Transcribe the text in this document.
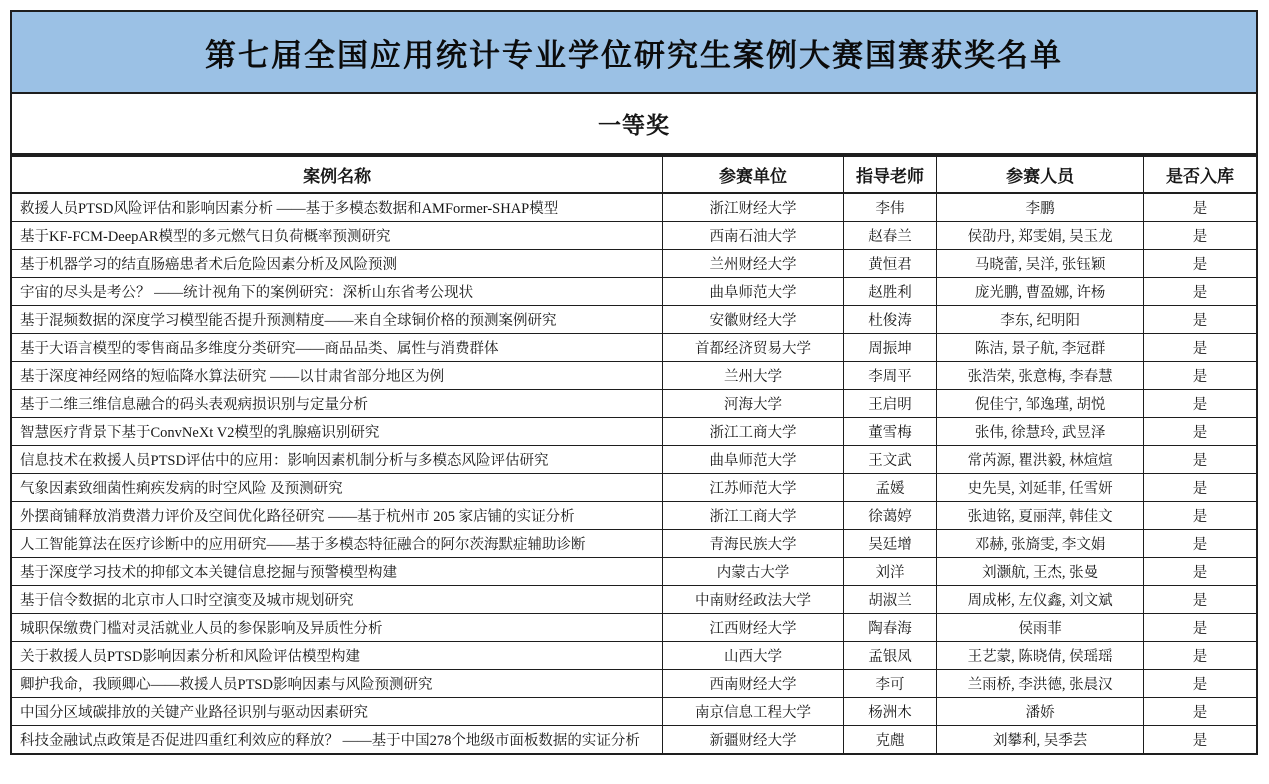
第七届全国应用统计专业学位研究生案例大赛国赛获奖名单
一等奖
案例名称	参赛单位	指导老师	参赛人员	是否入库
救援人员PTSD风险评估和影响因素分析 ——基于多模态数据和AMFormer-SHAP模型	浙江财经大学	李伟	李鹏	是
基于KF-FCM-DeepAR模型的多元燃气日负荷概率预测研究	西南石油大学	赵春兰	侯劭丹, 郑雯娟, 吴玉龙	是
基于机器学习的结直肠癌患者术后危险因素分析及风险预测	兰州财经大学	黄恒君	马晓蕾, 吴洋, 张钰颖	是
宇宙的尽头是考公？ ——统计视角下的案例研究：深析山东省考公现状	曲阜师范大学	赵胜利	庞光鹏, 曹盈娜, 许杨	是
基于混频数据的深度学习模型能否提升预测精度——来自全球铜价格的预测案例研究	安徽财经大学	杜俊涛	李东, 纪明阳	是
基于大语言模型的零售商品多维度分类研究——商品品类、属性与消费群体	首都经济贸易大学	周振坤	陈洁, 景子航, 李冠群	是
基于深度神经网络的短临降水算法研究 ——以甘肃省部分地区为例	兰州大学	李周平	张浩荣, 张意梅, 李春慧	是
基于二维三维信息融合的码头表观病损识别与定量分析	河海大学	王启明	倪佳宁, 邹逸瑾, 胡悦	是
智慧医疗背景下基于ConvNeXt V2模型的乳腺癌识别研究	浙江工商大学	董雪梅	张伟, 徐慧玲, 武昱泽	是
信息技术在救援人员PTSD评估中的应用：影响因素机制分析与多模态风险评估研究	曲阜师范大学	王文武	常芮源, 瞿洪毅, 林煊煊	是
气象因素致细菌性痢疾发病的时空风险 及预测研究	江苏师范大学	孟媛	史先昊, 刘延菲, 任雪妍	是
外摆商铺释放消费潜力评价及空间优化路径研究 ——基于杭州市 205 家店铺的实证分析	浙江工商大学	徐蔼婷	张迪铭, 夏丽萍, 韩佳文	是
人工智能算法在医疗诊断中的应用研究——基于多模态特征融合的阿尔茨海默症辅助诊断	青海民族大学	吴廷增	邓赫, 张旖雯, 李文娟	是
基于深度学习技术的抑郁文本关键信息挖掘与预警模型构建	内蒙古大学	刘洋	刘灏航, 王杰, 张曼	是
基于信令数据的北京市人口时空演变及城市规划研究	中南财经政法大学	胡淑兰	周成彬, 左仪鑫, 刘文斌	是
城职保缴费门槛对灵活就业人员的参保影响及异质性分析	江西财经大学	陶春海	侯雨菲	是
关于救援人员PTSD影响因素分析和风险评估模型构建	山西大学	孟银凤	王艺蒙, 陈晓倩, 侯瑶瑶	是
卿护我命，我顾卿心——救援人员PTSD影响因素与风险预测研究	西南财经大学	李可	兰雨桥, 李洪德, 张晨汉	是
中国分区域碳排放的关键产业路径识别与驱动因素研究	南京信息工程大学	杨洲木	潘娇	是
科技金融试点政策是否促进四重红利效应的释放？ ——基于中国278个地级市面板数据的实证分析	新疆财经大学	克甝	刘攀利, 吴季芸	是
